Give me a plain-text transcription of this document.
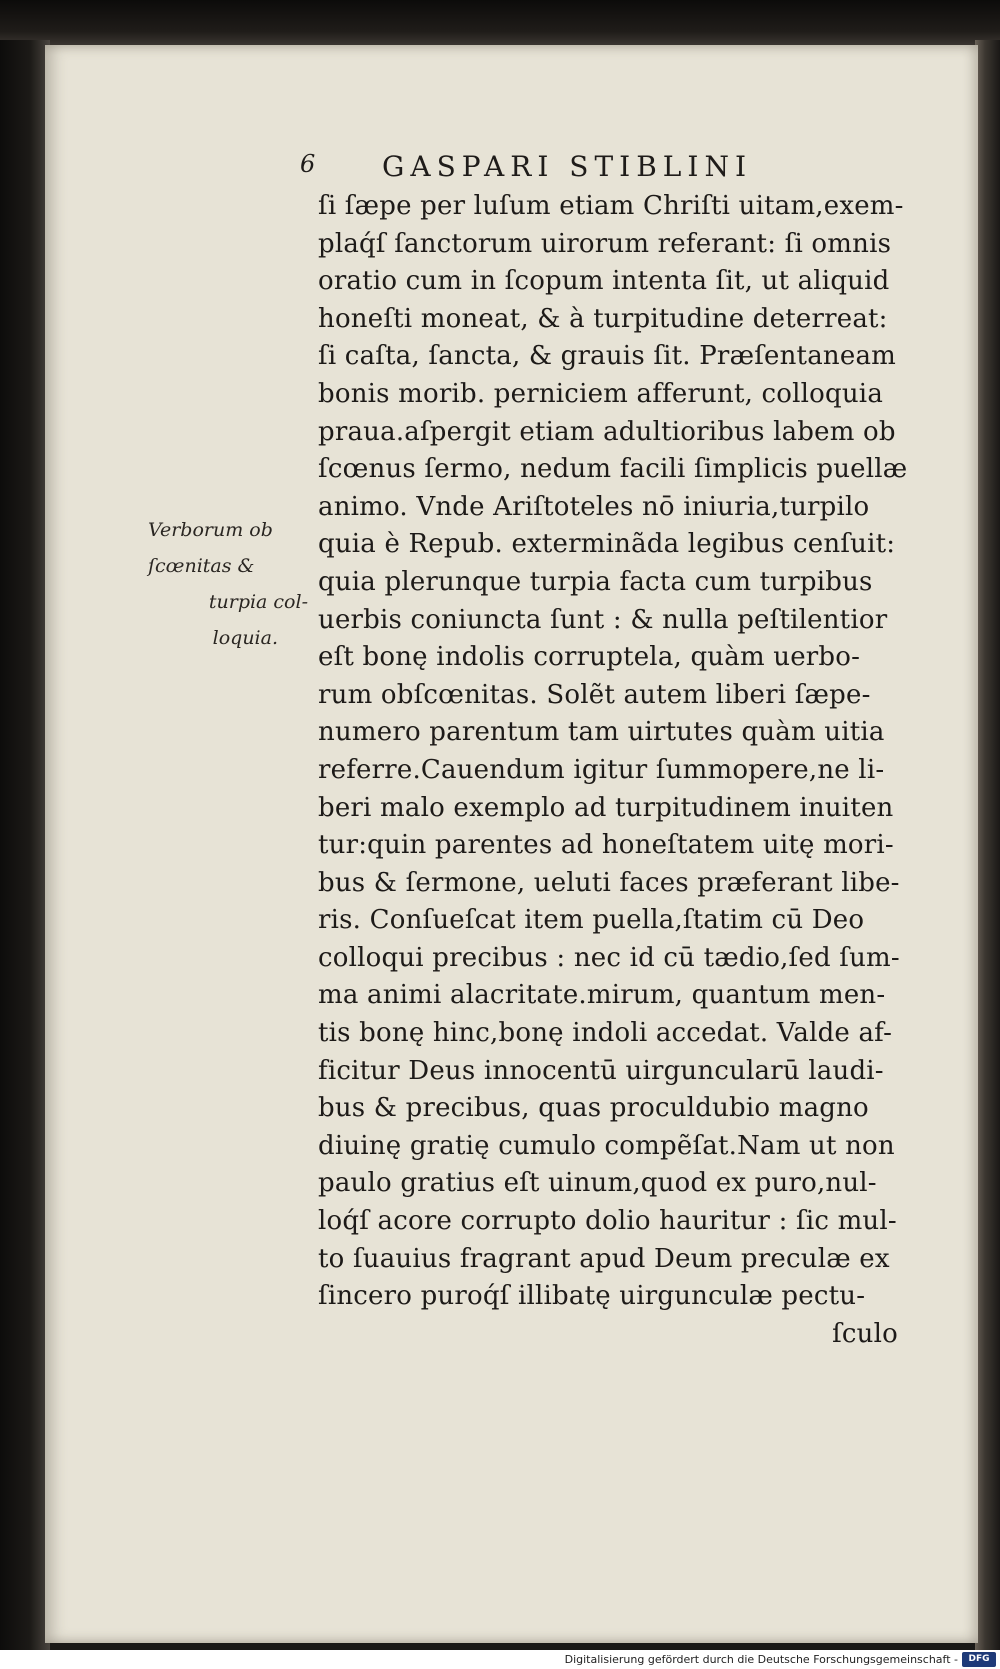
6 GASPARI STIBLINI
Verborum ob
ſcœnitas &
turpia col-
loquia.
ſi ſæpe per luſum etiam Chriſti uitam,exem-
plaq́ſ ſanctorum uirorum referant: ſi omnis
oratio cum in ſcopum intenta ſit, ut aliquid
honeſti moneat, & à turpitudine deterreat:
ſi caſta, ſancta, & grauis ſit. Præſentaneam
bonis morib. perniciem afferunt, colloquia
praua.aſpergit etiam adultioribus labem ob
ſcœnus ſermo, nedum facili ſimplicis puellæ
animo. Vnde Ariſtoteles nō iniuria,turpilo
quia è Repub. exterminãda legibus cenſuit:
quia plerunque turpia facta cum turpibus
uerbis coniuncta ſunt : & nulla peſtilentior
eſt bonę indolis corruptela, quàm uerbo-
rum obſcœnitas. Solẽt autem liberi ſæpe-
numero parentum tam uirtutes quàm uitia
referre.Cauendum igitur ſummopere,ne li-
beri malo exemplo ad turpitudinem inuiten
tur:quin parentes ad honeſtatem uitę mori-
bus & ſermone, ueluti faces præferant libe-
ris. Conſueſcat item puella,ſtatim cū Deo
colloqui precibus : nec id cū tædio,ſed ſum-
ma animi alacritate.mirum, quantum men-
tis bonę hinc,bonę indoli accedat. Valde af-
ficitur Deus innocentū uirguncularū laudi-
bus & precibus, quas proculdubio magno
diuinę gratię cumulo compẽſat.Nam ut non
paulo gratius eſt uinum,quod ex puro,nul-
loq́ſ acore corrupto dolio hauritur : ſic mul-
to ſuauius fragrant apud Deum preculæ ex
ſincero puroq́ſ illibatę uirgunculæ pectu-
ſculo
Digitalisierung gefördert durch die Deutsche Forschungsgemeinschaft -	DFG
